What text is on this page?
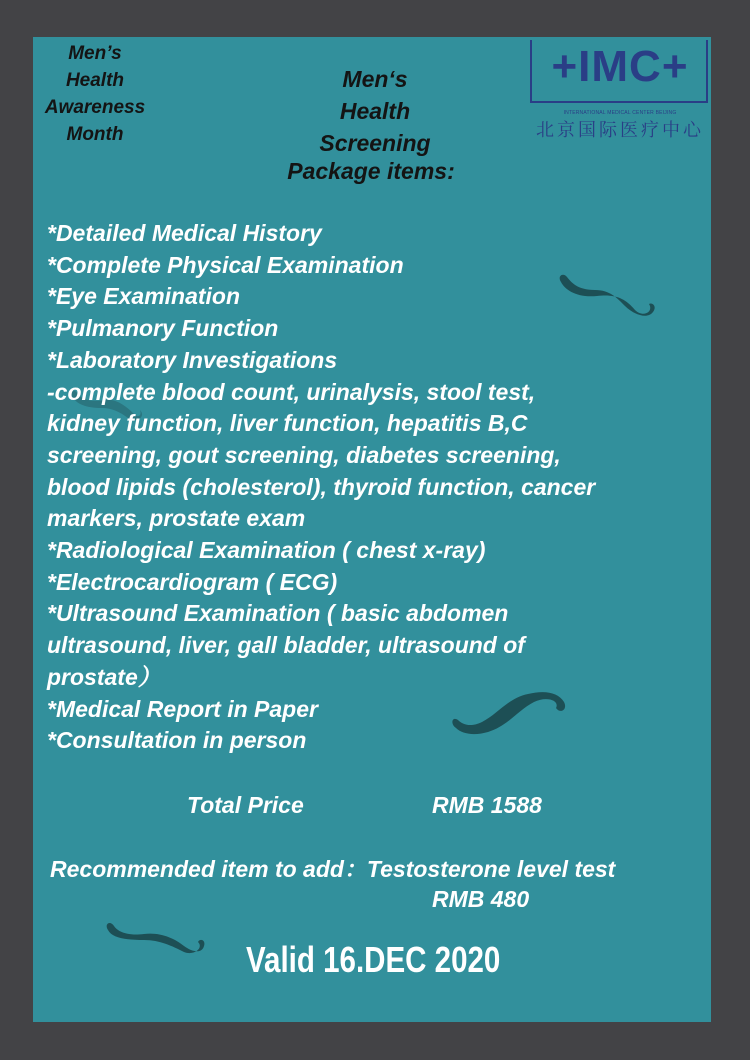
Men’s
Health
Awareness
Month
Men‘s
Health
Screening
Package items:
+IMC+
INTERNATIONAL MEDICAL CENTER BEIJING
北京国际医疗中心
*Detailed Medical History
*Complete Physical Examination
*Eye Examination
*Pulmanory Function
*Laboratory Investigations
-complete blood count, urinalysis, stool test,
kidney function, liver function, hepatitis B,C
screening, gout screening, diabetes screening,
blood lipids (cholesterol), thyroid function, cancer
markers, prostate exam
*Radiological Examination ( chest x-ray)
*Electrocardiogram ( ECG)
*Ultrasound Examination ( basic abdomen
ultrasound, liver, gall bladder, ultrasound of
prostate）
*Medical Report in Paper
*Consultation in person
Total Price	RMB 1588
Recommended item to add：Testosterone level test
RMB 480
Valid 16.DEC 2020
